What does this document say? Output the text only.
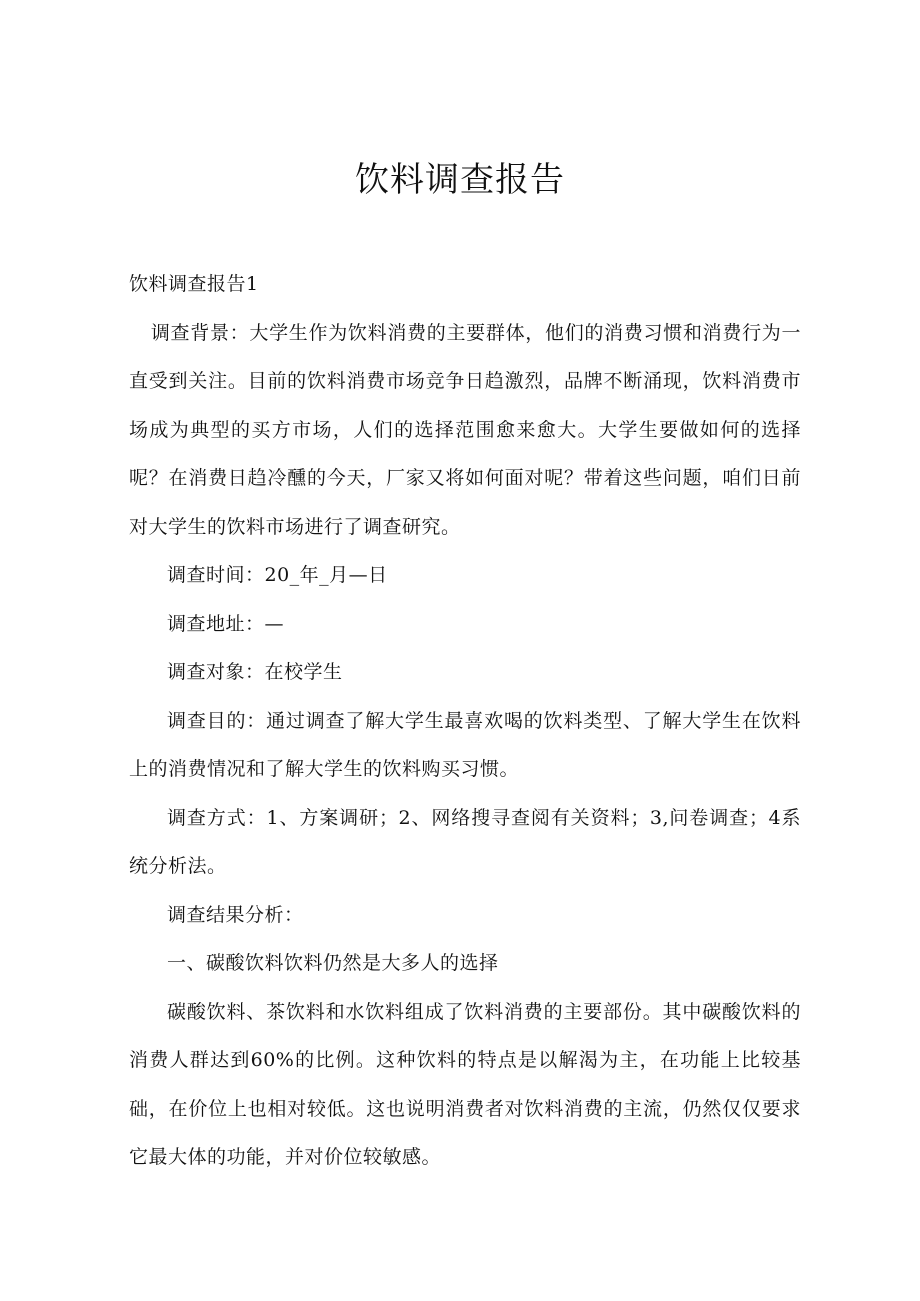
饮料调查报告

饮料调查报告1

调查背景：大学生作为饮料消费的主要群体，他们的消费习惯和消费行为一直受到关注。目前的饮料消费市场竞争日趋激烈，品牌不断涌现，饮料消费市场成为典型的买方市场，人们的选择范围愈来愈大。大学生要做如何的选择呢？在消费日趋冷醺的今天，厂家又将如何面对呢？带着这些问题，咱们日前对大学生的饮料市场进行了调查研究。

调查时间：20_年_月—日

调查地址：—

调查对象：在校学生

调查目的：通过调查了解大学生最喜欢喝的饮料类型、了解大学生在饮料上的消费情况和了解大学生的饮料购买习惯。

调查方式：1、方案调研；2、网络搜寻查阅有关资料；3,问卷调查；4系统分析法。

调查结果分析：

一、碳酸饮料饮料仍然是大多人的选择

碳酸饮料、茶饮料和水饮料组成了饮料消费的主要部份。其中碳酸饮料的消费人群达到60%的比例。这种饮料的特点是以解渴为主，在功能上比较基础，在价位上也相对较低。这也说明消费者对饮料消费的主流，仍然仅仅要求它最大体的功能，并对价位较敏感。
